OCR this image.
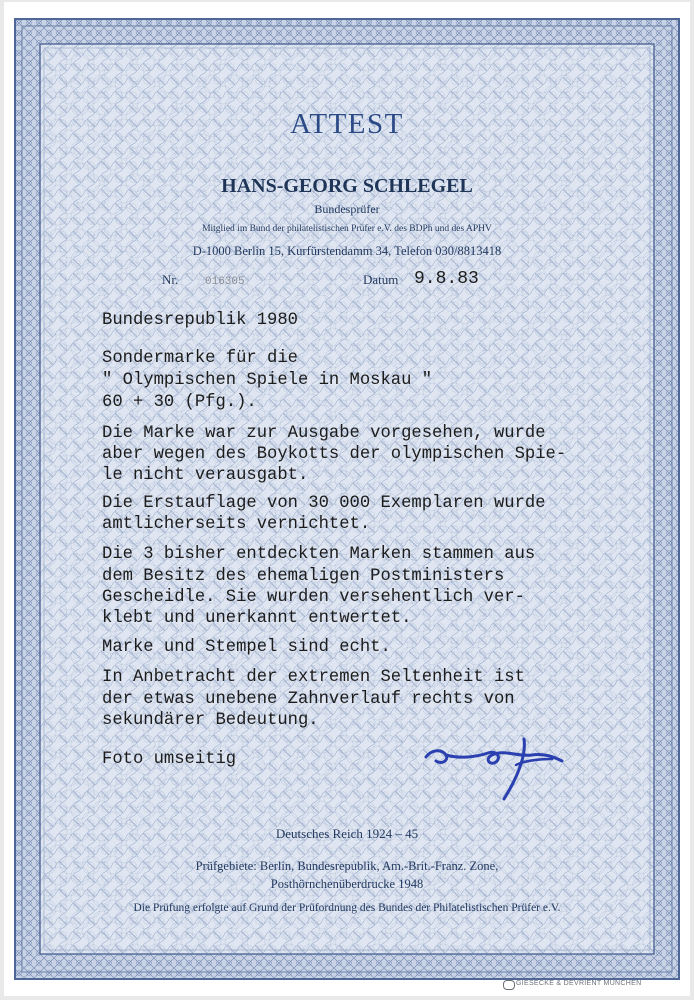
ATTEST
HANS-GEORG SCHLEGEL
Bundesprüfer
Mitglied im Bund der philatelistischen Prüfer e.V. des BDPh und des APHV
D-1000 Berlin 15, Kurfürstendamm 34, Telefon 030/8813418
Nr. 016305	Datum 9.8.83
Bundesrepublik 1980
Sondermarke für die
" Olympischen Spiele in Moskau "
60 + 30 (Pfg.).
Die Marke war zur Ausgabe vorgesehen, wurde
aber wegen des Boykotts der olympischen Spie-
le nicht verausgabt.
Die Erstauflage von 30 000 Exemplaren wurde
amtlicherseits vernichtet.
Die 3 bisher entdeckten Marken stammen aus
dem Besitz des ehemaligen Postministers
Gescheidle. Sie wurden versehentlich ver-
klebt und unerkannt entwertet.
Marke und Stempel sind echt.
In Anbetracht der extremen Seltenheit ist
der etwas unebene Zahnverlauf rechts von
sekundärer Bedeutung.
Foto umseitig
Deutsches Reich 1924 – 45
Prüfgebiete: Berlin, Bundesrepublik, Am.-Brit.-Franz. Zone,
Posthörnchenüberdrucke 1948
Die Prüfung erfolgte auf Grund der Prüfordnung des Bundes der Philatelistischen Prüfer e.V.
GIESECKE & DEVRIENT MÜNCHEN
